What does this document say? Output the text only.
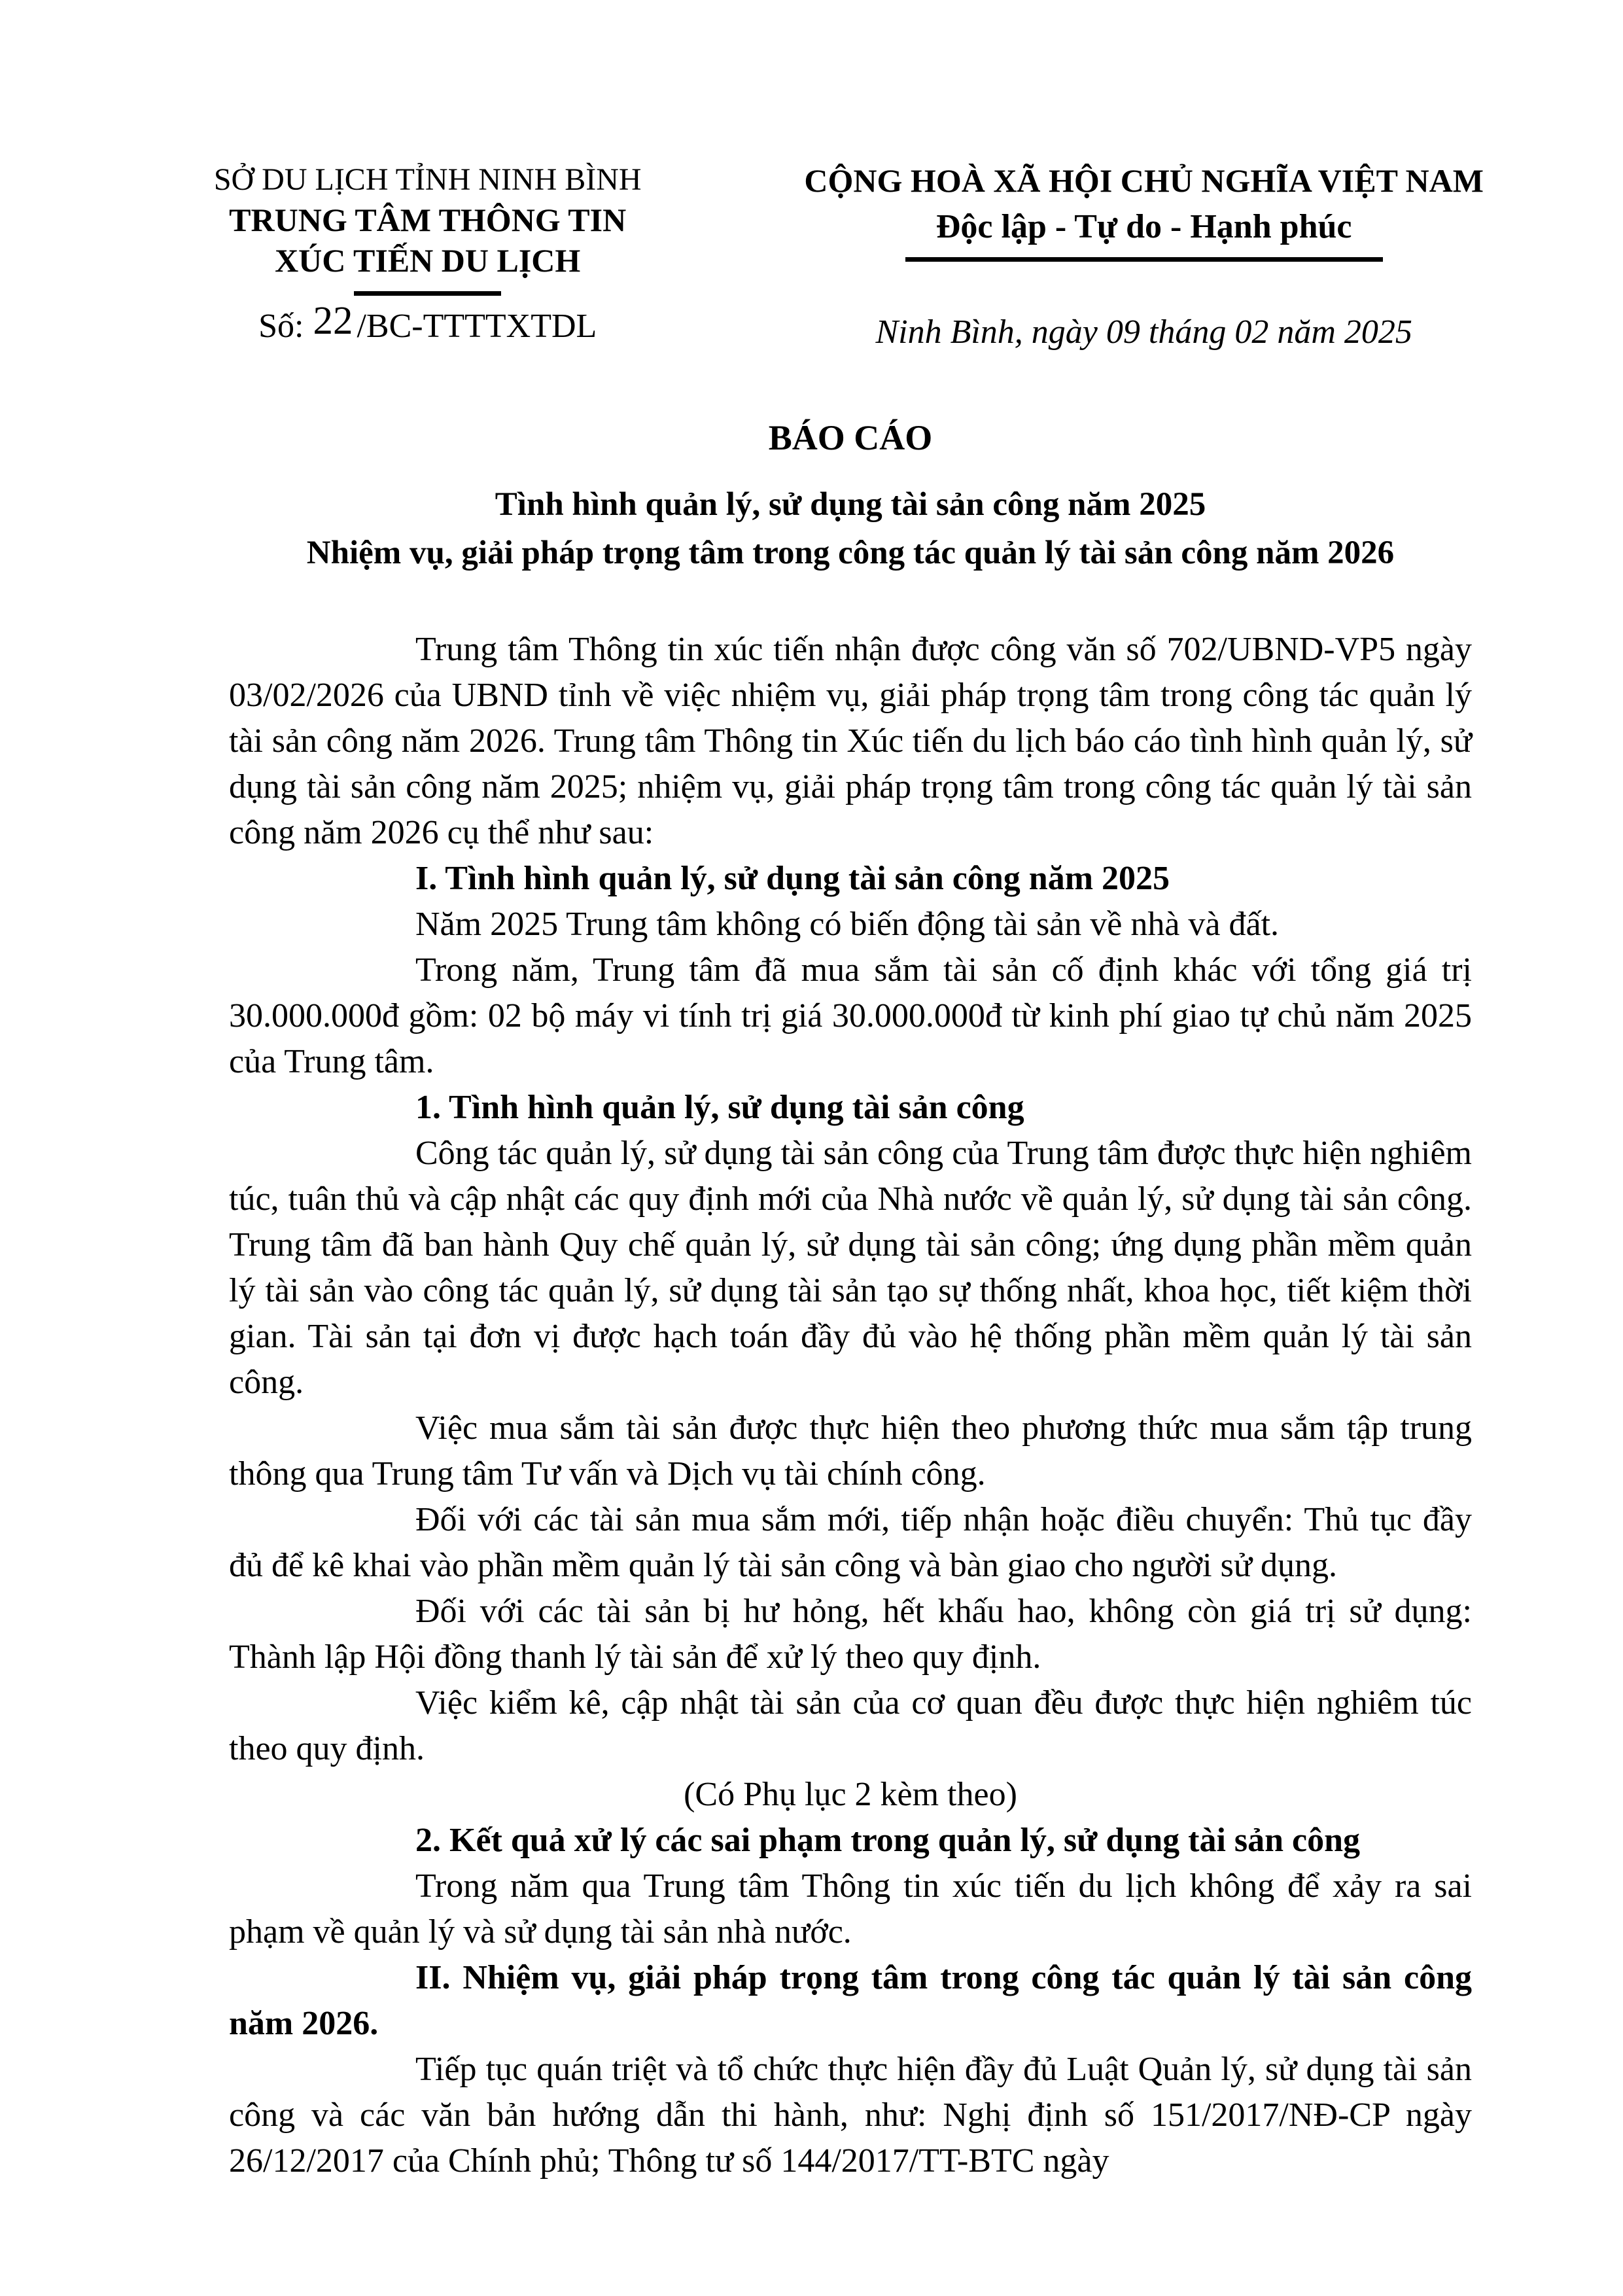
SỞ DU LỊCH TỈNH NINH BÌNH
TRUNG TÂM THÔNG TIN
XÚC TIẾN DU LỊCH
Số: 22 /BC-TTTTXTDL
CỘNG HOÀ XÃ HỘI CHỦ NGHĨA VIỆT NAM
Độc lập - Tự do - Hạnh phúc
Ninh Bình, ngày 09 tháng 02 năm 2025
BÁO CÁO
Tình hình quản lý, sử dụng tài sản công năm 2025
Nhiệm vụ, giải pháp trọng tâm trong công tác quản lý tài sản công năm 2026

Trung tâm Thông tin xúc tiến nhận được công văn số 702/UBND-VP5 ngày 03/02/2026 của UBND tỉnh về việc nhiệm vụ, giải pháp trọng tâm trong công tác quản lý tài sản công năm 2026. Trung tâm Thông tin Xúc tiến du lịch báo cáo tình hình quản lý, sử dụng tài sản công năm 2025; nhiệm vụ, giải pháp trọng tâm trong công tác quản lý tài sản công năm 2026 cụ thể như sau:

I. Tình hình quản lý, sử dụng tài sản công năm 2025

Năm 2025 Trung tâm không có biến động tài sản về nhà và đất.

Trong năm, Trung tâm đã mua sắm tài sản cố định khác với tổng giá trị 30.000.000đ gồm: 02 bộ máy vi tính trị giá 30.000.000đ từ kinh phí giao tự chủ năm 2025 của Trung tâm.

1. Tình hình quản lý, sử dụng tài sản công

Công tác quản lý, sử dụng tài sản công của Trung tâm được thực hiện nghiêm túc, tuân thủ và cập nhật các quy định mới của Nhà nước về quản lý, sử dụng tài sản công. Trung tâm đã ban hành Quy chế quản lý, sử dụng tài sản công; ứng dụng phần mềm quản lý tài sản vào công tác quản lý, sử dụng tài sản tạo sự thống nhất, khoa học, tiết kiệm thời gian. Tài sản tại đơn vị được hạch toán đầy đủ vào hệ thống phần mềm quản lý tài sản công.

Việc mua sắm tài sản được thực hiện theo phương thức mua sắm tập trung thông qua Trung tâm Tư vấn và Dịch vụ tài chính công.

Đối với các tài sản mua sắm mới, tiếp nhận hoặc điều chuyển: Thủ tục đầy đủ để kê khai vào phần mềm quản lý tài sản công và bàn giao cho người sử dụng.

Đối với các tài sản bị hư hỏng, hết khấu hao, không còn giá trị sử dụng: Thành lập Hội đồng thanh lý tài sản để xử lý theo quy định.

Việc kiểm kê, cập nhật tài sản của cơ quan đều được thực hiện nghiêm túc theo quy định.

(Có Phụ lục 2 kèm theo)

2. Kết quả xử lý các sai phạm trong quản lý, sử dụng tài sản công

Trong năm qua Trung tâm Thông tin xúc tiến du lịch không để xảy ra sai phạm về quản lý và sử dụng tài sản nhà nước.

II. Nhiệm vụ, giải pháp trọng tâm trong công tác quản lý tài sản công năm 2026.

Tiếp tục quán triệt và tổ chức thực hiện đầy đủ Luật Quản lý, sử dụng tài sản công và các văn bản hướng dẫn thi hành, như: Nghị định số 151/2017/NĐ-CP ngày 26/12/2017 của Chính phủ; Thông tư số 144/2017/TT-BTC ngày
